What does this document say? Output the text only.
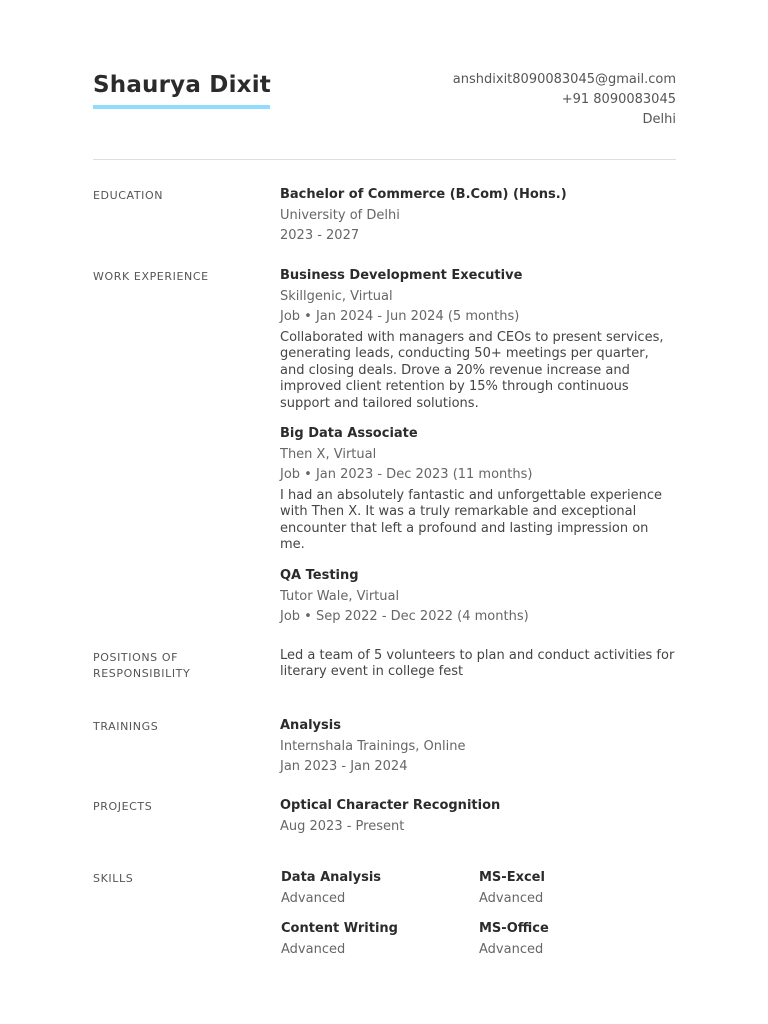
Shaurya Dixit	anshdixit8090083045@gmail.com
+91 8090083045
Delhi
EDUCATION	Bachelor of Commerce (B.Com) (Hons.)
University of Delhi
2023 - 2027
WORK EXPERIENCE	Business Development Executive
Skillgenic, Virtual
Job • Jan 2024 - Jun 2024 (5 months)
Collaborated with managers and CEOs to present services, generating leads, conducting 50+ meetings per quarter, and closing deals. Drove a 20% revenue increase and improved client retention by 15% through continuous support and tailored solutions.
Big Data Associate
Then X, Virtual
Job • Jan 2023 - Dec 2023 (11 months)
I had an absolutely fantastic and unforgettable experience with Then X. It was a truly remarkable and exceptional encounter that left a profound and lasting impression on me.
QA Testing
Tutor Wale, Virtual
Job • Sep 2022 - Dec 2022 (4 months)
POSITIONS OF RESPONSIBILITY
Led a team of 5 volunteers to plan and conduct activities for literary event in college fest
TRAININGS	Analysis
Internshala Trainings, Online
Jan 2023 - Jan 2024
PROJECTS	Optical Character Recognition
Aug 2023 - Present
SKILLS	Data Analysis
Advanced
MS-Excel
Advanced
Content Writing
Advanced
MS-Office
Advanced
